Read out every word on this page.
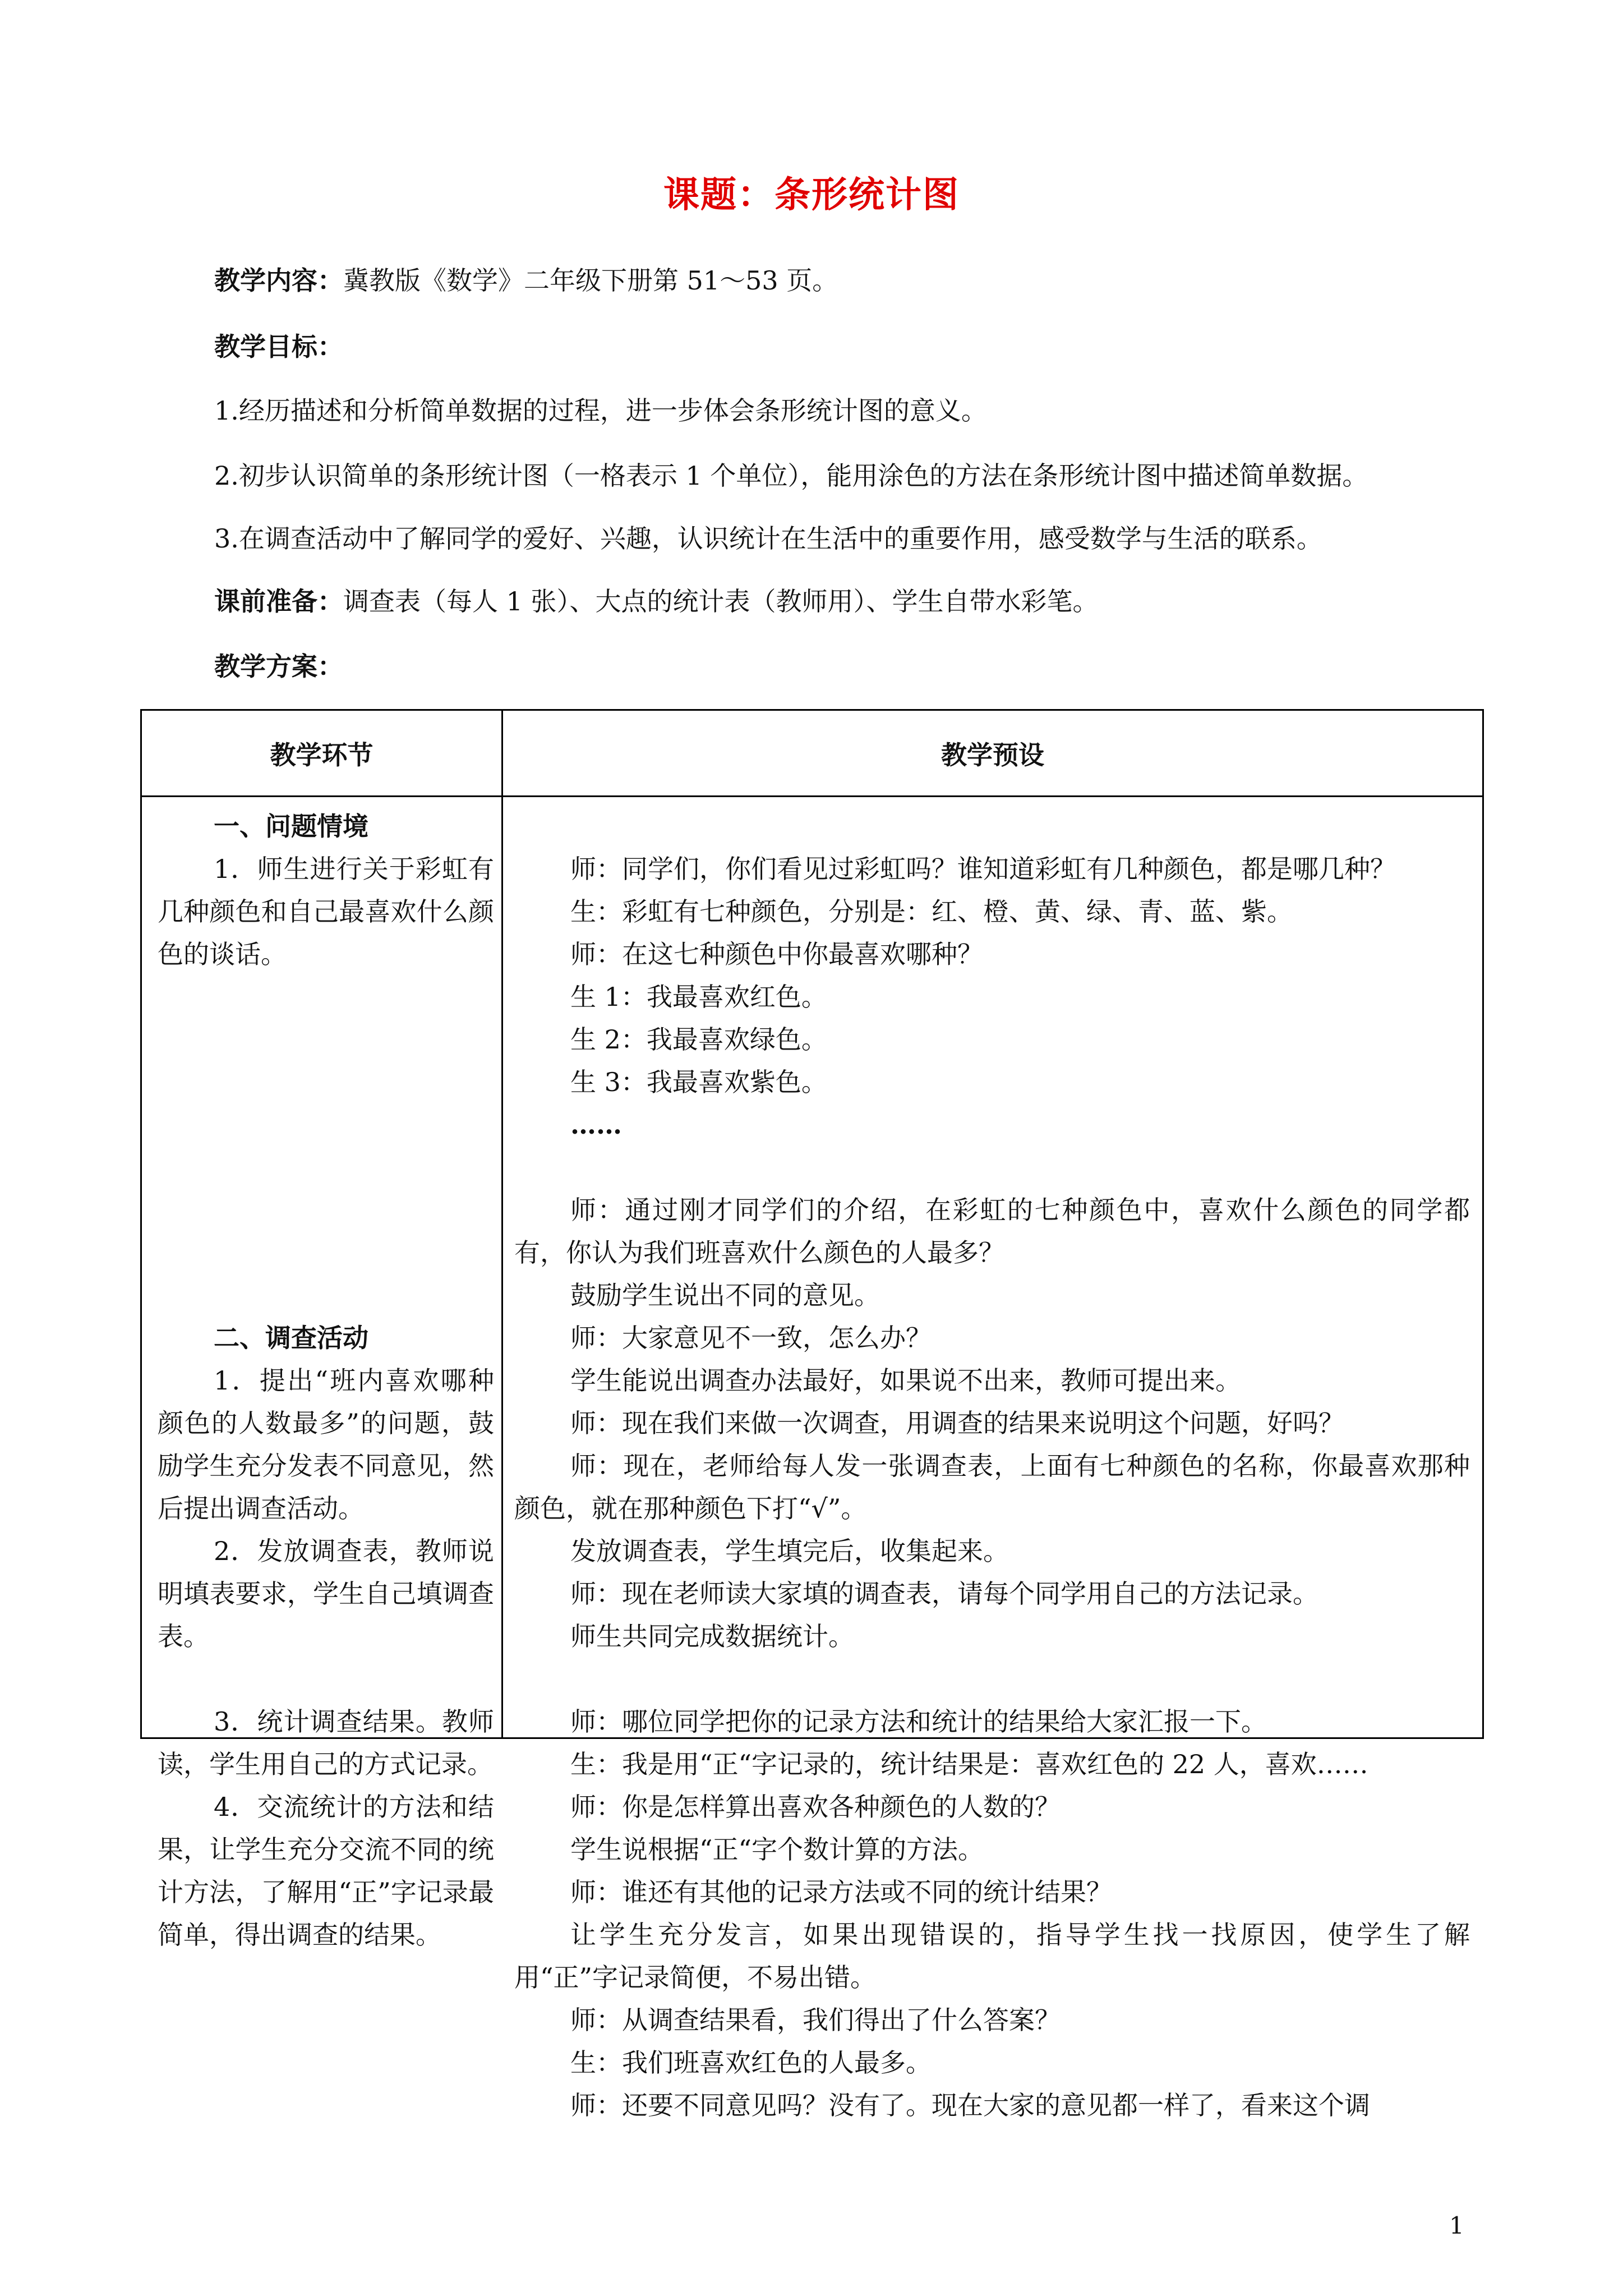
课题：条形统计图
教学内容：冀教版《数学》二年级下册第 51～53 页。
教学目标：
1.经历描述和分析简单数据的过程，进一步体会条形统计图的意义。
2.初步认识简单的条形统计图（一格表示 1 个单位），能用涂色的方法在条形统计图中描述简单数据。
3.在调查活动中了解同学的爱好、兴趣，认识统计在生活中的重要作用，感受数学与生活的联系。
课前准备：调查表（每人 1 张）、大点的统计表（教师用）、学生自带水彩笔。
教学方案：
教学环节	教学预设
一、问题情境
1．师生进行关于彩虹有几种颜色和自己最喜欢什么颜色的谈话。
二、调查活动
1．提出“班内喜欢哪种颜色的人数最多”的问题，鼓励学生充分发表不同意见，然后提出调查活动。
2．发放调查表，教师说明填表要求，学生自己填调查表。
3．统计调查结果。教师读，学生用自己的方式记录。
4．交流统计的方法和结果，让学生充分交流不同的统计方法，了解用“正”字记录最简单，得出调查的结果。
师：同学们，你们看见过彩虹吗？谁知道彩虹有几种颜色，都是哪几种？
生：彩虹有七种颜色，分别是：红、橙、黄、绿、青、蓝、紫。
师：在这七种颜色中你最喜欢哪种？
生 1：我最喜欢红色。
生 2：我最喜欢绿色。
生 3：我最喜欢紫色。
……
师：通过刚才同学们的介绍，在彩虹的七种颜色中，喜欢什么颜色的同学都有，你认为我们班喜欢什么颜色的人最多？
鼓励学生说出不同的意见。
师：大家意见不一致，怎么办？
学生能说出调查办法最好，如果说不出来，教师可提出来。
师：现在我们来做一次调查，用调查的结果来说明这个问题，好吗？
师：现在，老师给每人发一张调查表，上面有七种颜色的名称，你最喜欢那种颜色，就在那种颜色下打“√”。
发放调查表，学生填完后，收集起来。
师：现在老师读大家填的调查表，请每个同学用自己的方法记录。
师生共同完成数据统计。
师：哪位同学把你的记录方法和统计的结果给大家汇报一下。
生：我是用“正“字记录的，统计结果是：喜欢红色的 22 人，喜欢……
师：你是怎样算出喜欢各种颜色的人数的？
学生说根据“正“字个数计算的方法。
师：谁还有其他的记录方法或不同的统计结果？
让学生充分发言，如果出现错误的，指导学生找一找原因，使学生了解用“正”字记录简便，不易出错。
师：从调查结果看，我们得出了什么答案？
生：我们班喜欢红色的人最多。
师：还要不同意见吗？没有了。现在大家的意见都一样了，看来这个调
1
